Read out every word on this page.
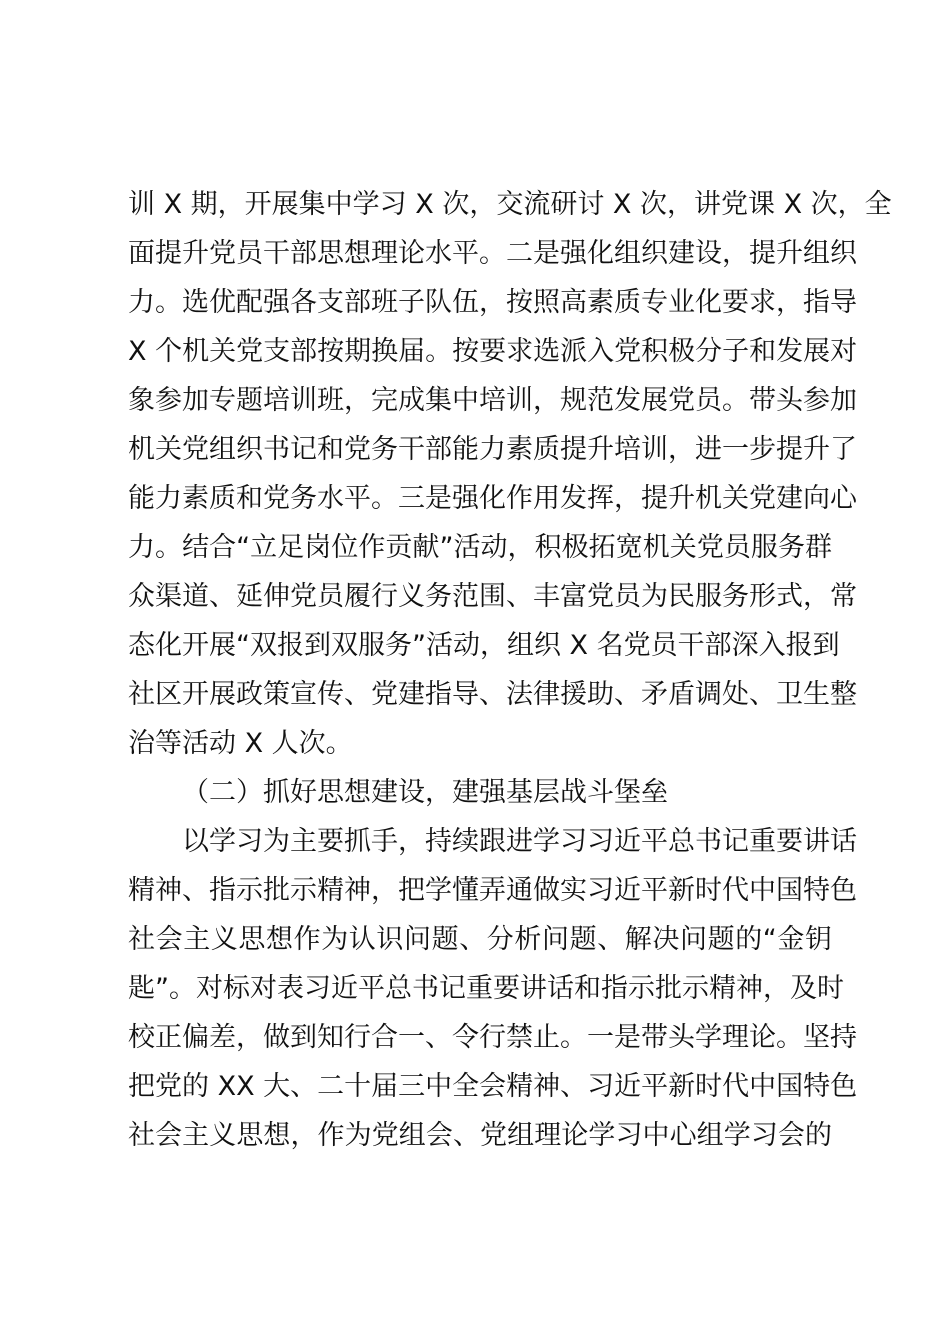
训 X 期，开展集中学习 X 次，交流研讨 X 次，讲党课 X 次，全
面提升党员干部思想理论水平。二是强化组织建设，提升组织
力。选优配强各支部班子队伍，按照高素质专业化要求，指导
X 个机关党支部按期换届。按要求选派入党积极分子和发展对
象参加专题培训班，完成集中培训，规范发展党员。带头参加
机关党组织书记和党务干部能力素质提升培训，进一步提升了
能力素质和党务水平。三是强化作用发挥，提升机关党建向心
力。结合“立足岗位作贡献”活动，积极拓宽机关党员服务群
众渠道、延伸党员履行义务范围、丰富党员为民服务形式，常
态化开展“双报到双服务”活动，组织 X 名党员干部深入报到
社区开展政策宣传、党建指导、法律援助、矛盾调处、卫生整
治等活动 X 人次。
（二）抓好思想建设，建强基层战斗堡垒
以学习为主要抓手，持续跟进学习习近平总书记重要讲话
精神、指示批示精神，把学懂弄通做实习近平新时代中国特色
社会主义思想作为认识问题、分析问题、解决问题的“金钥
匙”。对标对表习近平总书记重要讲话和指示批示精神，及时
校正偏差，做到知行合一、令行禁止。一是带头学理论。坚持
把党的 XX 大、二十届三中全会精神、习近平新时代中国特色
社会主义思想，作为党组会、党组理论学习中心组学习会的
